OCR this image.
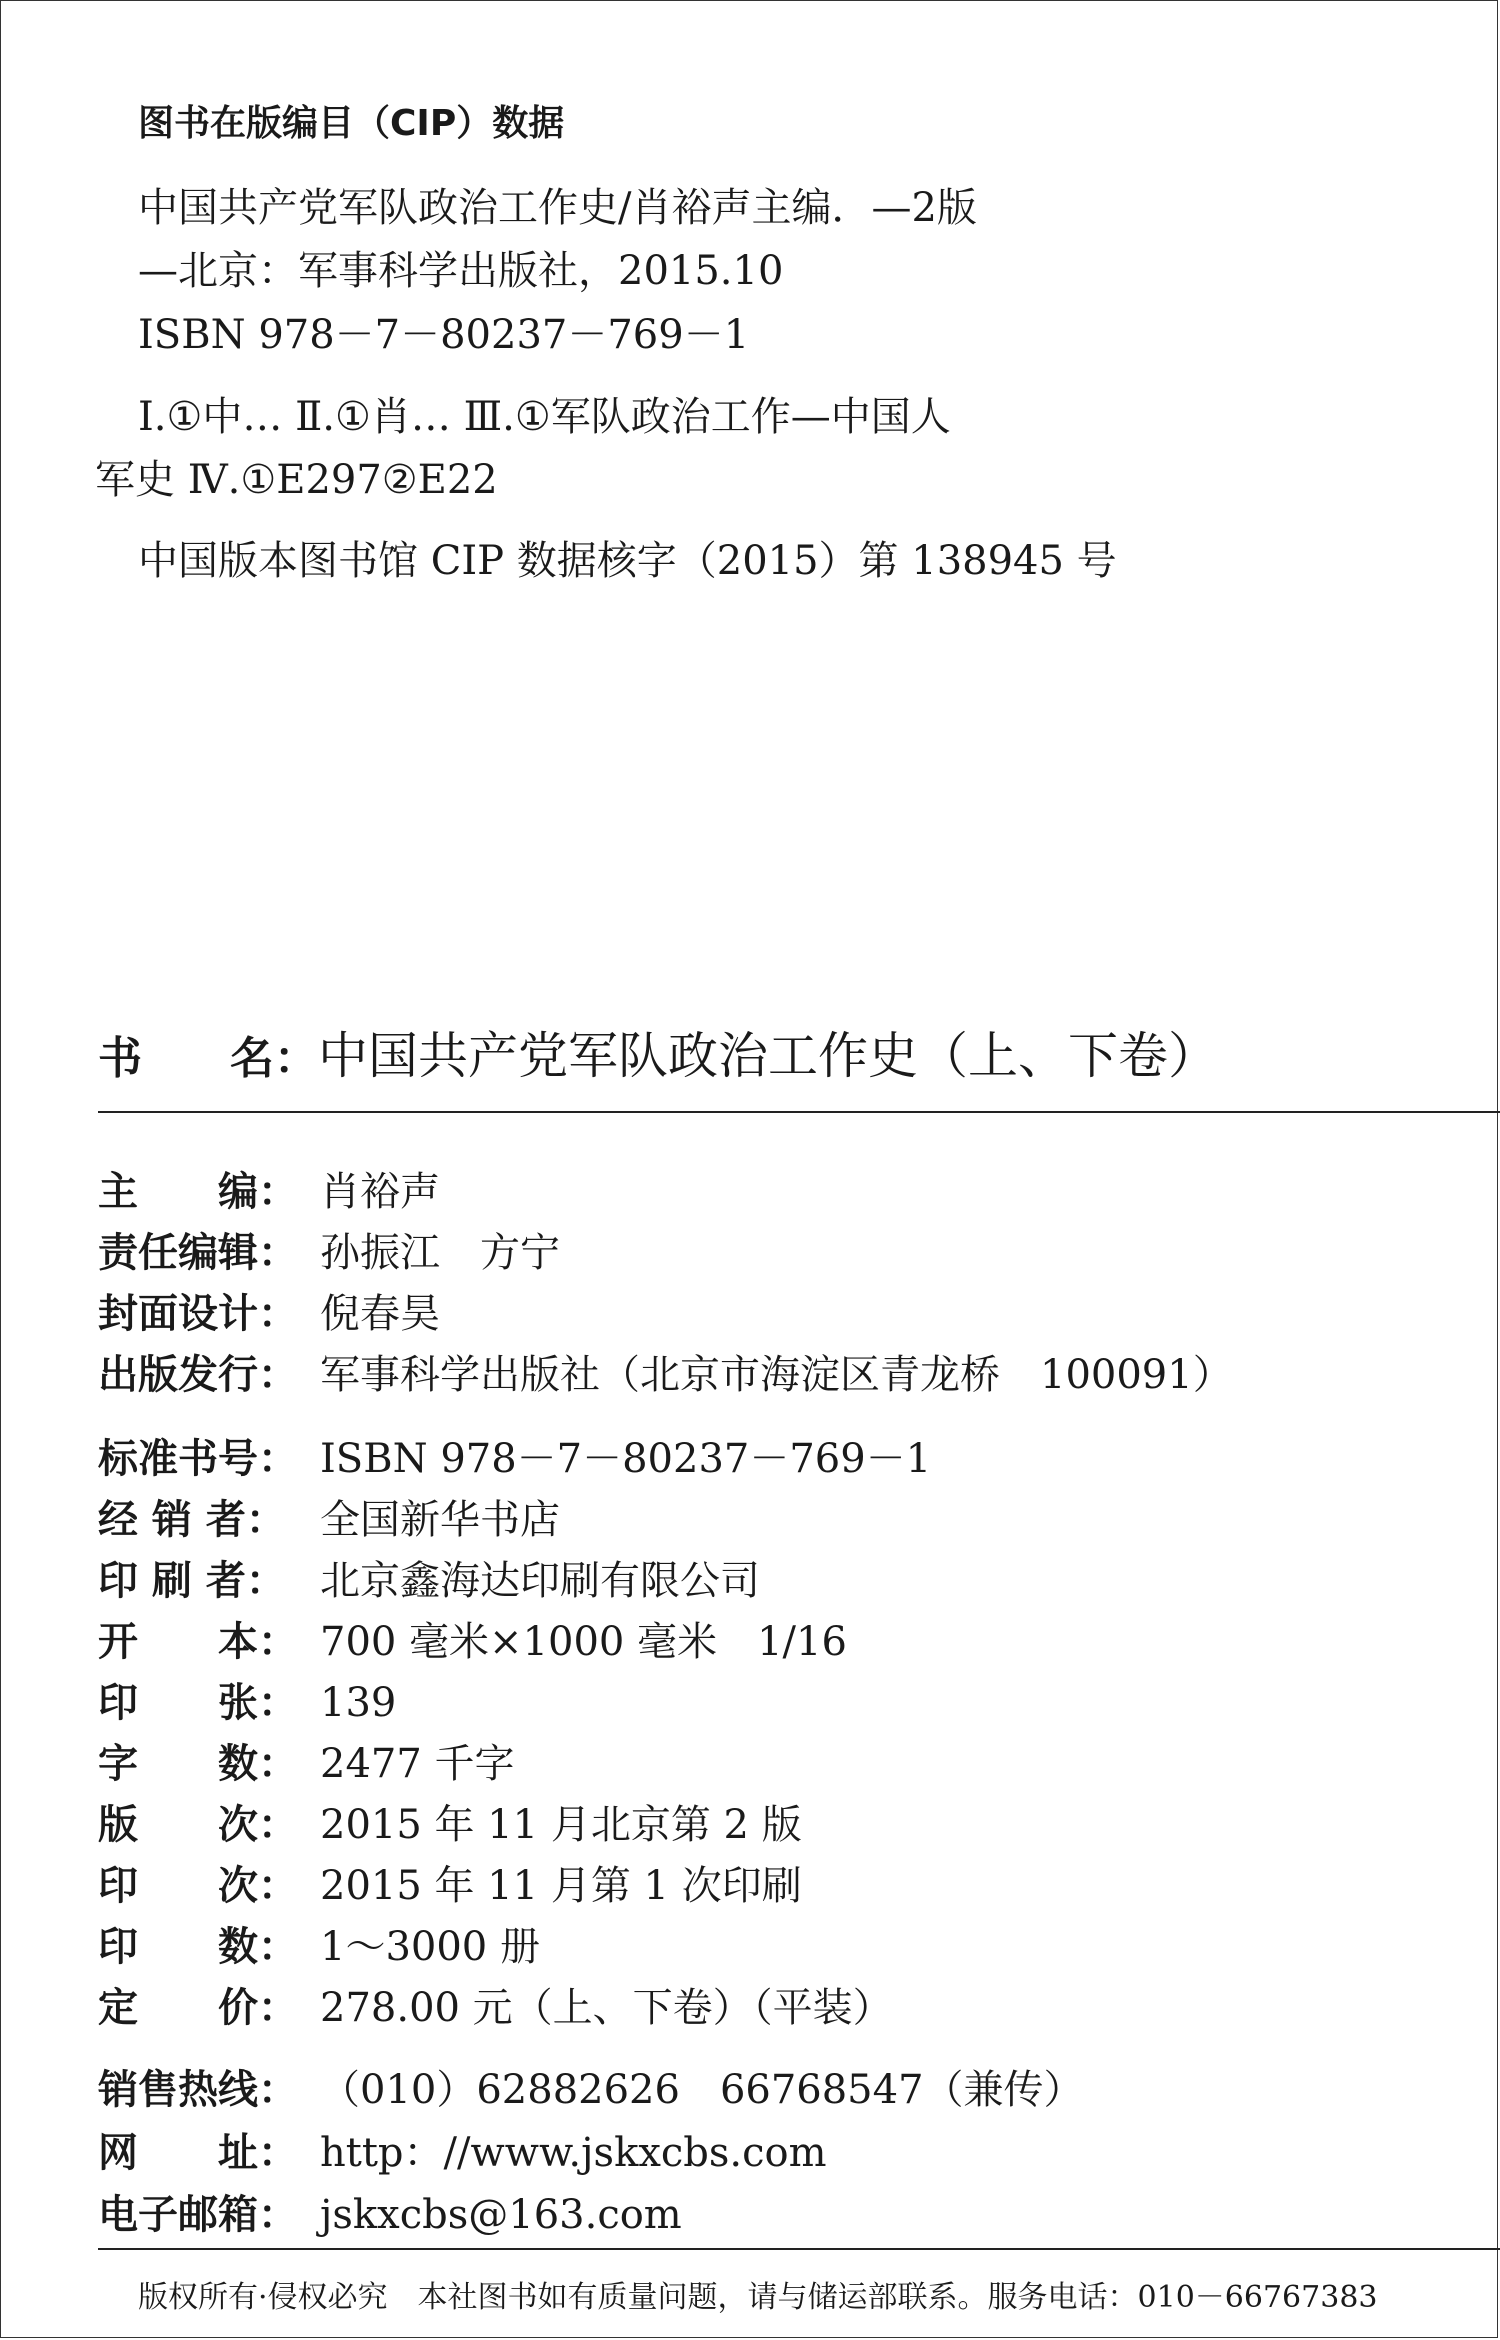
图书在版编目（CIP）数据
中国共产党军队政治工作史/肖裕声主编．—2版
—北京：军事科学出版社，2015.10
ISBN 978－7－80237－769－1
Ⅰ.①中… Ⅱ.①肖… Ⅲ.①军队政治工作—中国人
军史 Ⅳ.①E297②E22
中国版本图书馆 CIP 数据核字（2015）第 138945 号
书　　名：中国共产党军队政治工作史（上、下卷）
主　　编： 肖裕声
责任编辑： 孙振江　方宁
封面设计： 倪春昊
出版发行： 军事科学出版社（北京市海淀区青龙桥　100091）
标准书号： ISBN 978－7－80237－769－1
经 销 者： 全国新华书店
印 刷 者： 北京鑫海达印刷有限公司
开　　本： 700 毫米×1000 毫米　1/16
印　　张： 139
字　　数： 2477 千字
版　　次： 2015 年 11 月北京第 2 版
印　　次： 2015 年 11 月第 1 次印刷
印　　数： 1～3000 册
定　　价： 278.00 元（上、下卷）（平装）
销售热线： （010）62882626　66768547（兼传）
网　　址： http：//www.jskxcbs.com
电子邮箱： jskxcbs@163.com
版权所有·侵权必究　本社图书如有质量问题，请与储运部联系。服务电话：010－66767383
